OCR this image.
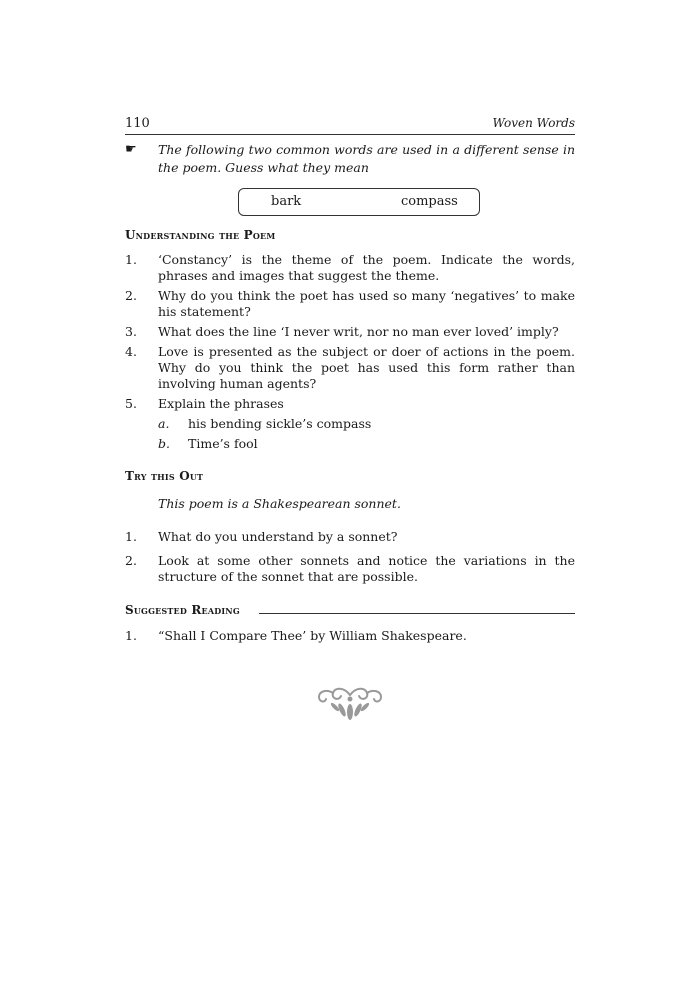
110	Woven Words
☛ The following two common words are used in a different sense in the poem. Guess what they mean
bark	compass
Understanding the Poem
1. ‘Constancy’ is the theme of the poem. Indicate the words, phrases and images that suggest the theme.
2. Why do you think the poet has used so many ‘negatives’ to make his statement?
3. What does the line ‘I never writ, nor no man ever loved’ imply?
4. Love is presented as the subject or doer of actions in the poem. Why do you think the poet has used this form rather than involving human agents?
5. Explain the phrases
a. his bending sickle’s compass
b. Time’s fool
Try this Out
This poem is a Shakespearean sonnet.
1. What do you understand by a sonnet?
2. Look at some other sonnets and notice the variations in the structure of the sonnet that are possible.
Suggested Reading
1. “Shall I Compare Thee’ by William Shakespeare.
